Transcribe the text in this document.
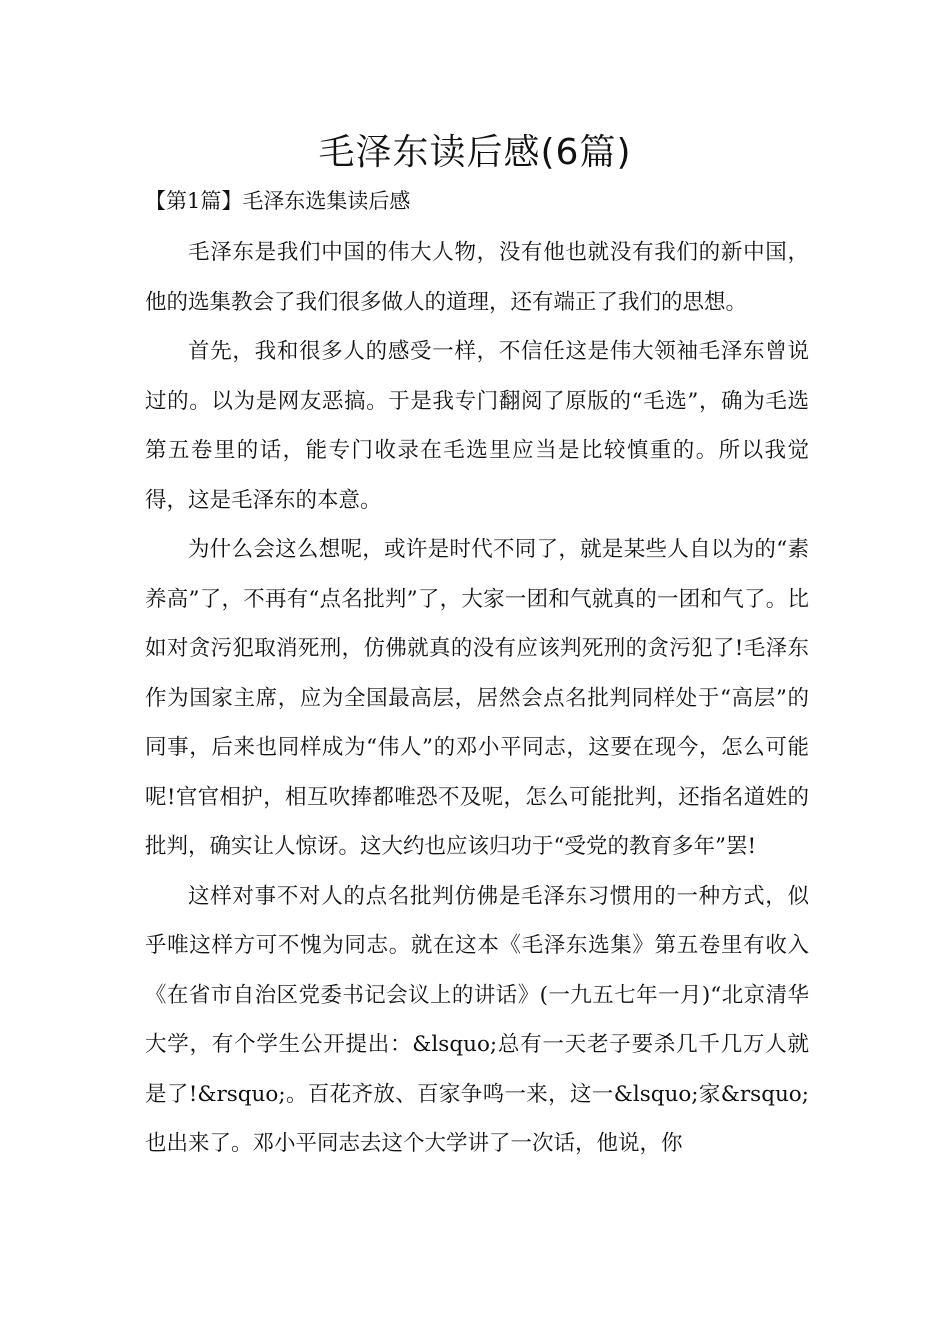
毛泽东读后感(6篇)
【第1篇】毛泽东选集读后感

毛泽东是我们中国的伟大人物，没有他也就没有我们的新中国，他的选集教会了我们很多做人的道理，还有端正了我们的思想。

首先，我和很多人的感受一样，不信任这是伟大领袖毛泽东曾说过的。以为是网友恶搞。于是我专门翻阅了原版的“毛选”，确为毛选第五卷里的话，能专门收录在毛选里应当是比较慎重的。所以我觉得，这是毛泽东的本意。

为什么会这么想呢，或许是时代不同了，就是某些人自以为的“素养高”了，不再有“点名批判”了，大家一团和气就真的一团和气了。比如对贪污犯取消死刑，仿佛就真的没有应该判死刑的贪污犯了!毛泽东作为国家主席，应为全国最高层，居然会点名批判同样处于“高层”的同事，后来也同样成为“伟人”的邓小平同志，这要在现今，怎么可能呢!官官相护，相互吹捧都唯恐不及呢，怎么可能批判，还指名道姓的批判，确实让人惊讶。这大约也应该归功于“受党的教育多年”罢!

这样对事不对人的点名批判仿佛是毛泽东习惯用的一种方式，似乎唯这样方可不愧为同志。就在这本《毛泽东选集》第五卷里有收入《在省市自治区党委书记会议上的讲话》(一九五七年一月)“北京清华大学，有个学生公开提出：&lsquo;总有一天老子要杀几千几万人就是了!&rsquo;。百花齐放、百家争鸣一来，这一&lsquo;家&rsquo;也出来了。邓小平同志去这个大学讲了一次话，他说，你
